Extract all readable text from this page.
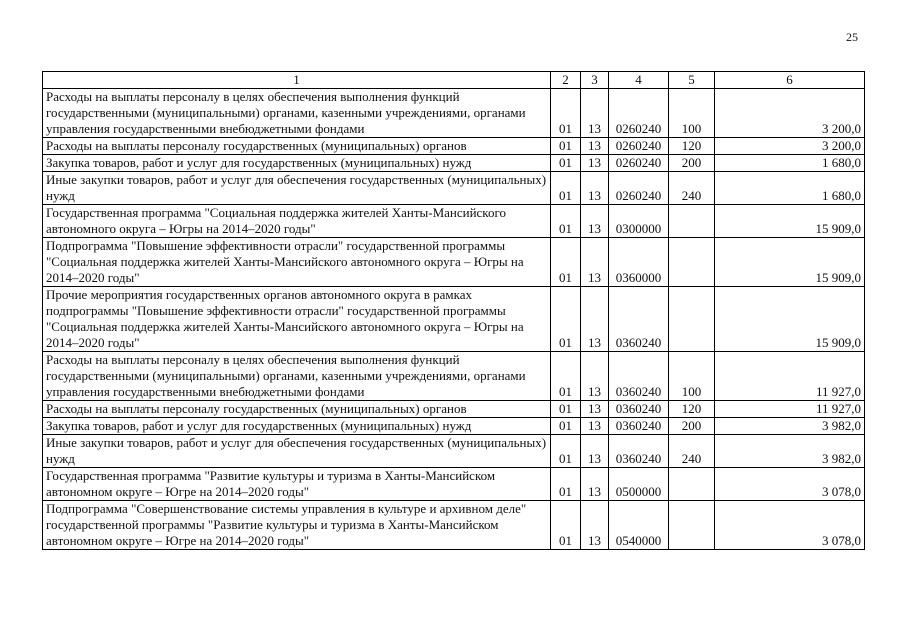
25
1	2	3	4	5	6
Расходы на выплаты персоналу в целях обеспечения выполнения функций государственными (муниципальными) органами, казенными учреждениями, органами управления государственными внебюджетными фондами	01	13	0260240	100	3 200,0
Расходы на выплаты персоналу государственных (муниципальных) органов	01	13	0260240	120	3 200,0
Закупка товаров, работ и услуг для государственных (муниципальных) нужд	01	13	0260240	200	1 680,0
Иные закупки товаров, работ и услуг для обеспечения государственных (муниципальных) нужд	01	13	0260240	240	1 680,0
Государственная программа "Социальная поддержка жителей Ханты-Мансийского автономного округа – Югры на 2014–2020 годы"	01	13	0300000		15 909,0
Подпрограмма "Повышение эффективности отрасли" государственной программы "Социальная поддержка жителей Ханты-Мансийского автономного округа – Югры на 2014–2020 годы"	01	13	0360000		15 909,0
Прочие мероприятия государственных органов автономного округа в рамках подпрограммы "Повышение эффективности отрасли" государственной программы "Социальная поддержка жителей Ханты-Мансийского автономного округа – Югры на 2014–2020 годы"	01	13	0360240		15 909,0
Расходы на выплаты персоналу в целях обеспечения выполнения функций государственными (муниципальными) органами, казенными учреждениями, органами управления государственными внебюджетными фондами	01	13	0360240	100	11 927,0
Расходы на выплаты персоналу государственных (муниципальных) органов	01	13	0360240	120	11 927,0
Закупка товаров, работ и услуг для государственных (муниципальных) нужд	01	13	0360240	200	3 982,0
Иные закупки товаров, работ и услуг для обеспечения государственных (муниципальных) нужд	01	13	0360240	240	3 982,0
Государственная программа "Развитие культуры и туризма в Ханты-Мансийском автономном округе – Югре на 2014–2020 годы"	01	13	0500000		3 078,0
Подпрограмма "Совершенствование системы управления в культуре и архивном деле" государственной программы "Развитие культуры и туризма в Ханты-Мансийском автономном округе – Югре на 2014–2020 годы"	01	13	0540000		3 078,0
